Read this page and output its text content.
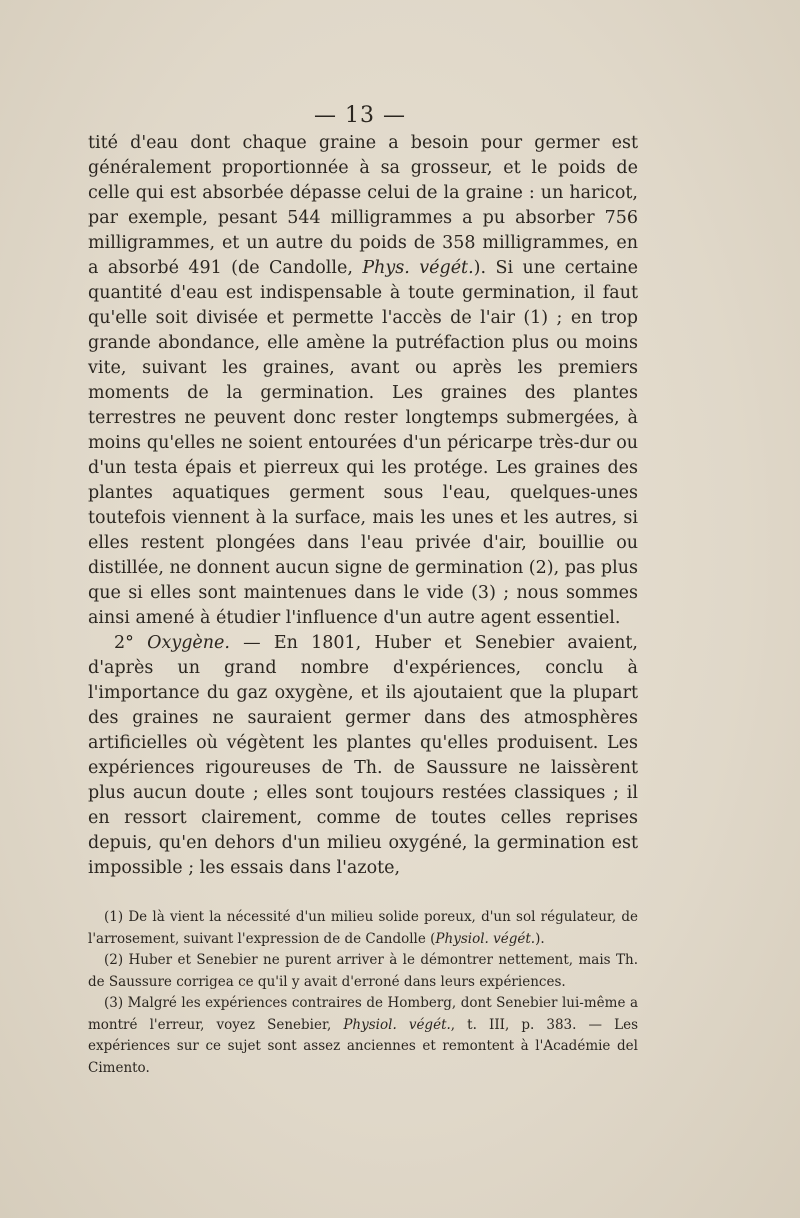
— 13 —

tité d'eau dont chaque graine a besoin pour germer est généralement proportionnée à sa grosseur, et le poids de celle qui est absorbée dépasse celui de la graine : un haricot, par exemple, pesant 544 milligrammes a pu absorber 756 milligrammes, et un autre du poids de 358 milligrammes, en a absorbé 491 (de Candolle, Phys. végét.). Si une certaine quantité d'eau est indispensable à toute germination, il faut qu'elle soit divisée et permette l'accès de l'air (1) ; en trop grande abondance, elle amène la putréfaction plus ou moins vite, suivant les graines, avant ou après les premiers moments de la germination. Les graines des plantes terrestres ne peuvent donc rester longtemps submergées, à moins qu'elles ne soient entourées d'un péricarpe très-dur ou d'un testa épais et pierreux qui les protége. Les graines des plantes aquatiques germent sous l'eau, quelques-unes toutefois viennent à la surface, mais les unes et les autres, si elles restent plongées dans l'eau privée d'air, bouillie ou distillée, ne donnent aucun signe de germination (2), pas plus que si elles sont maintenues dans le vide (3) ; nous sommes ainsi amené à étudier l'influence d'un autre agent essentiel.

2° Oxygène. — En 1801, Huber et Senebier avaient, d'après un grand nombre d'expériences, conclu à l'importance du gaz oxygène, et ils ajoutaient que la plupart des graines ne sauraient germer dans des atmosphères artificielles où végètent les plantes qu'elles produisent. Les expériences rigoureuses de Th. de Saussure ne laissèrent plus aucun doute ; elles sont toujours restées classiques ; il en ressort clairement, comme de toutes celles reprises depuis, qu'en dehors d'un milieu oxygéné, la germination est impossible ; les essais dans l'azote,

(1) De là vient la nécessité d'un milieu solide poreux, d'un sol régulateur, de l'arrosement, suivant l'expression de de Candolle (Physiol. végét.).

(2) Huber et Senebier ne purent arriver à le démontrer nettement, mais Th. de Saussure corrigea ce qu'il y avait d'erroné dans leurs expériences.

(3) Malgré les expériences contraires de Homberg, dont Senebier lui-même a montré l'erreur, voyez Senebier, Physiol. végét., t. III, p. 383. — Les expériences sur ce sujet sont assez anciennes et remontent à l'Académie del Cimento.
